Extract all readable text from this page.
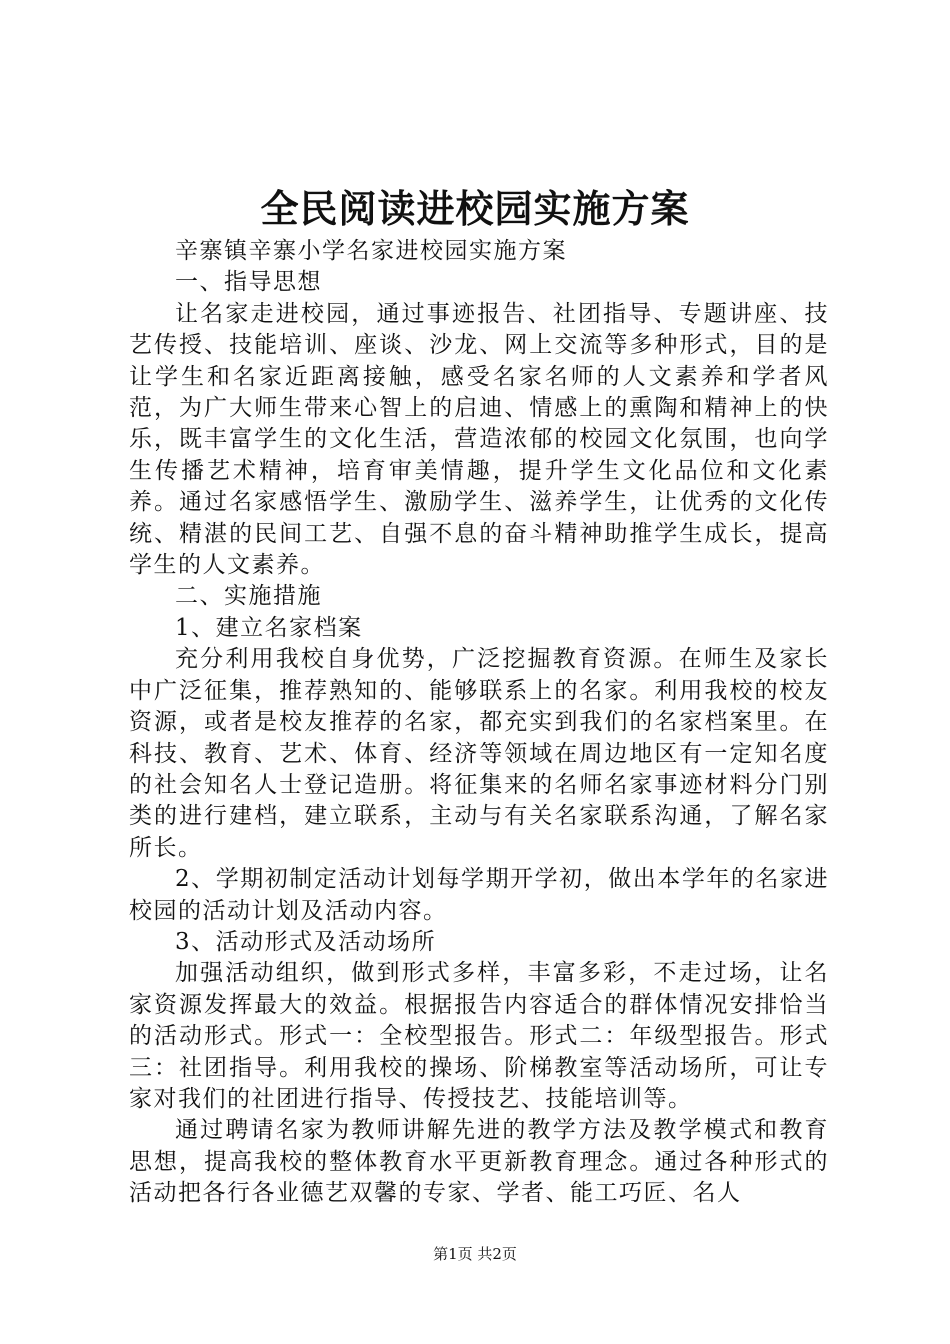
全民阅读进校园实施方案

辛寨镇辛寨小学名家进校园实施方案

一、指导思想

让名家走进校园，通过事迹报告、社团指导、专题讲座、技艺传授、技能培训、座谈、沙龙、网上交流等多种形式，目的是让学生和名家近距离接触，感受名家名师的人文素养和学者风范，为广大师生带来心智上的启迪、情感上的熏陶和精神上的快乐，既丰富学生的文化生活，营造浓郁的校园文化氛围，也向学生传播艺术精神，培育审美情趣，提升学生文化品位和文化素养。通过名家感悟学生、激励学生、滋养学生，让优秀的文化传统、精湛的民间工艺、自强不息的奋斗精神助推学生成长，提高学生的人文素养。

二、实施措施

1、建立名家档案

充分利用我校自身优势，广泛挖掘教育资源。在师生及家长中广泛征集，推荐熟知的、能够联系上的名家。利用我校的校友资源，或者是校友推荐的名家，都充实到我们的名家档案里。在科技、教育、艺术、体育、经济等领域在周边地区有一定知名度的社会知名人士登记造册。将征集来的名师名家事迹材料分门别类的进行建档，建立联系，主动与有关名家联系沟通，了解名家所长。

2、学期初制定活动计划每学期开学初，做出本学年的名家进校园的活动计划及活动内容。

3、活动形式及活动场所

加强活动组织，做到形式多样，丰富多彩，不走过场，让名家资源发挥最大的效益。根据报告内容适合的群体情况安排恰当的活动形式。形式一：全校型报告。形式二：年级型报告。形式三：社团指导。利用我校的操场、阶梯教室等活动场所，可让专家对我们的社团进行指导、传授技艺、技能培训等。

通过聘请名家为教师讲解先进的教学方法及教学模式和教育思想，提高我校的整体教育水平更新教育理念。通过各种形式的活动把各行各业德艺双馨的专家、学者、能工巧匠、名人

第1页 共2页
